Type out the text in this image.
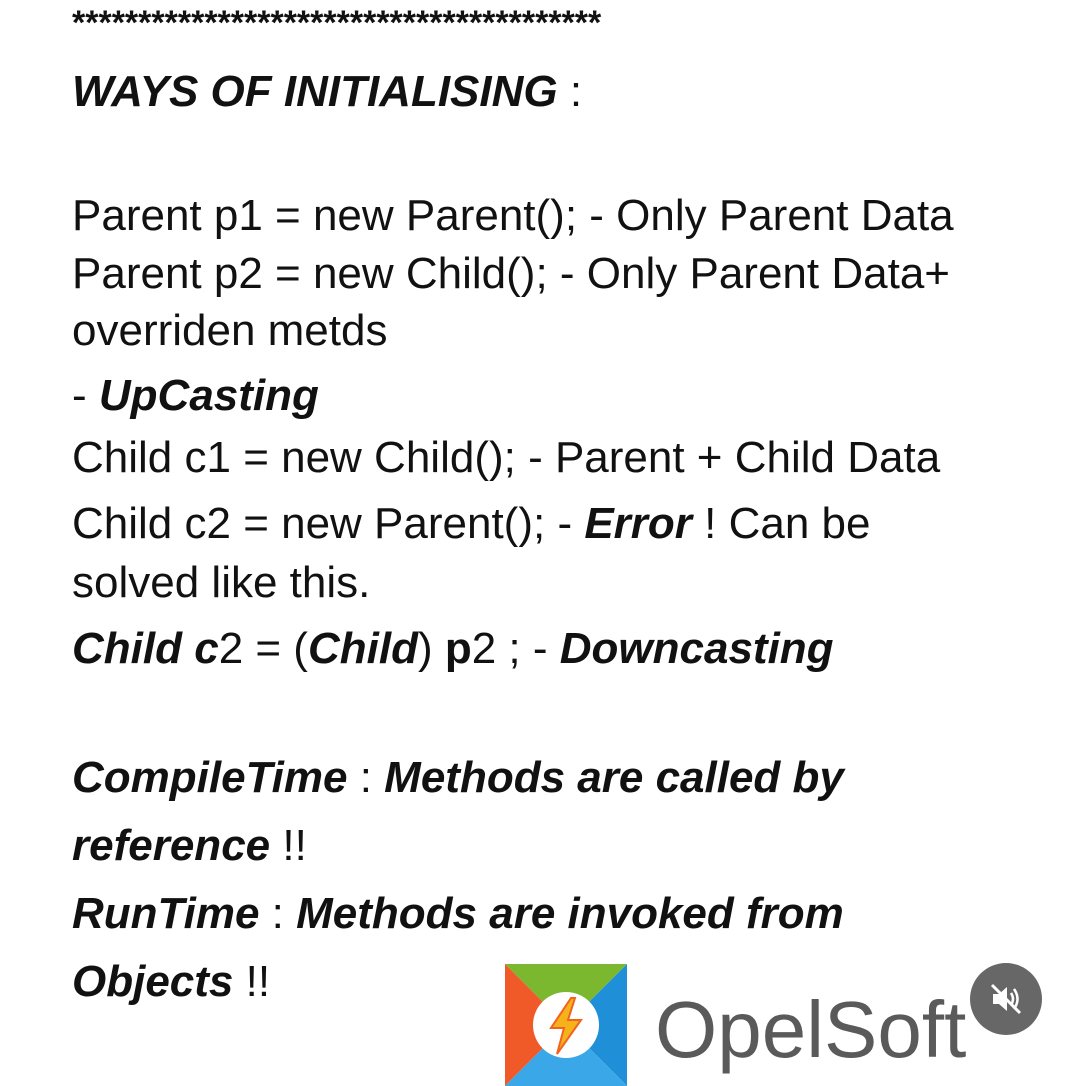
****************************************
WAYS OF INITIALISING :
Parent p1 = new Parent(); - Only Parent Data
Parent p2 = new Child(); - Only Parent Data+
overriden metds
- UpCasting
Child c1 = new Child(); - Parent + Child Data
Child c2 = new Parent(); - Error ! Can be
solved like this.
Child c2 = (Child) p2 ; - Downcasting
CompileTime : Methods are called by
reference !!
RunTime : Methods are invoked from
Objects !!
OpelSoft
